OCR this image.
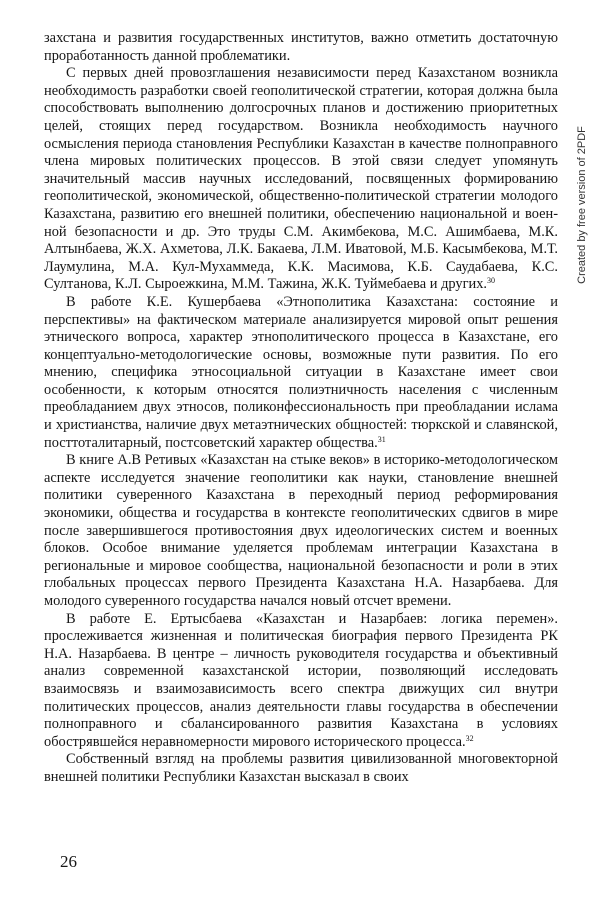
захстана и развития государственных институтов, важно отметить достаточную проработанность данной проблематики.

С первых дней провозглашения независимости перед Казахстаном возникла необходимость разработки своей геополитической стратегии, которая должна была способствовать выполнению долгосрочных планов и достижению приоритетных целей, стоящих перед государством. Возникла необходимость научного осмысления периода становления Республики Казахстан в качестве полноправного члена мировых политических процессов. В этой связи следует упомянуть значительный массив научных исследований, посвященных формированию геополитической, экономической, общественно-политической стратегии молодого Казахстана, развитию его внешней политики, обеспечению национальной и военной безопасности и др. Это труды С.М. Акимбекова, М.С. Ашимбаева, М.К. Алтынбаева, Ж.Х. Ахметова, Л.К. Бакаева, Л.М. Иватовой, М.Б. Касымбекова, М.Т. Лаумулина, М.А. Кул-Мухаммеда, К.К. Масимова, К.Б. Саудабаева, К.С. Султанова, К.Л. Сыроежкина, М.М. Тажина, Ж.К. Туймебаева и других.$^{30}$

В работе К.Е. Кушербаева «Этнополитика Казахстана: состояние и перспективы» на фактическом материале анализируется мировой опыт решения этнического вопроса, характер этнополитического процесса в Казахстане, его концептуально-методологические основы, возможные пути развития. По его мнению, специфика этносоциальной ситуации в Казахстане имеет свои особенности, к которым относятся полиэтничность населения с численным преобладанием двух этносов, поликонфессиональность при преобладании ислама и христианства, наличие двух метаэтнических общностей: тюркской и славянской, посттоталитарный, постсоветский характер общества.$^{31}$

В книге А.В Ретивых «Казахстан на стыке веков» в историко-методологическом аспекте исследуется значение геополитики как науки, становление внешней политики суверенного Казахстана в переходный период реформирования экономики, общества и государства в контексте геополитических сдвигов в мире после завершившегося противостояния двух идеологических систем и военных блоков. Особое внимание уделяется проблемам интеграции Казахстана в региональные и мировое сообщества, национальной безопасности и роли в этих глобальных процессах первого Президента Казахстана Н.А. Назарбаева. Для молодого суверенного государства начался новый отсчет времени.

В работе Е. Ертысбаева «Казахстан и Назарбаев: логика перемен». прослеживается жизненная и политическая биография первого Президента РК Н.А. Назарбаева. В центре – личность руководителя государства и объективный анализ современной казахстанской истории, позволяющий исследовать взаимосвязь и взаимозависимость всего спектра движущих сил внутри политических процессов, анализ деятельности главы государства в обеспечении полноправного и сбалансированного развития Казахстана в условиях обострявшейся неравномерности мирового исторического процесса.$^{32}$

Собственный взгляд на проблемы развития цивилизованной многовекторной внешней политики Республики Казахстан высказал в своих

26
Created by free version of 2PDF
